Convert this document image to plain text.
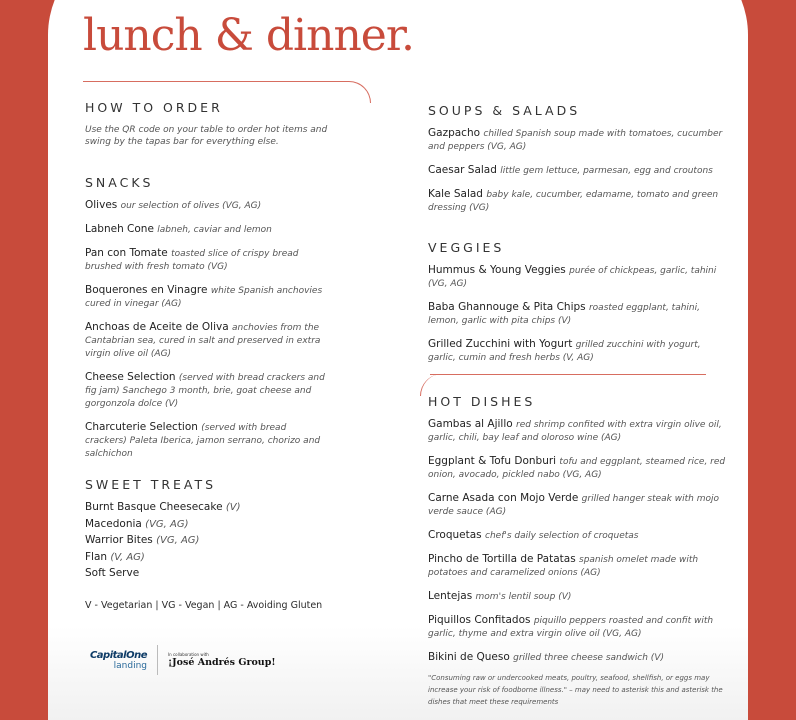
lunch & dinner.
HOW TO ORDER
Use the QR code on your table to order hot items and swing by the tapas bar for everything else.
SNACKS
Olives our selection of olives (VG, AG)
Labneh Cone labneh, caviar and lemon
Pan con Tomate toasted slice of crispy bread brushed with fresh tomato (VG)
Boquerones en Vinagre white Spanish anchovies cured in vinegar (AG)
Anchoas de Aceite de Oliva anchovies from the Cantabrian sea, cured in salt and preserved in extra virgin olive oil (AG)
Cheese Selection (served with bread crackers and fig jam) Sanchego 3 month, brie, goat cheese and gorgonzola dolce (V)
Charcuterie Selection (served with bread crackers) Paleta Iberica, jamon serrano, chorizo and salchichon
SWEET TREATS
Burnt Basque Cheesecake (V)
Macedonia (VG, AG)
Warrior Bites (VG, AG)
Flan (V, AG)
Soft Serve
V - Vegetarian | VG - Vegan | AG - Avoiding Gluten
SOUPS & SALADS
Gazpacho chilled Spanish soup made with tomatoes, cucumber and peppers (VG, AG)
Caesar Salad little gem lettuce, parmesan, egg and croutons
Kale Salad baby kale, cucumber, edamame, tomato and green dressing (VG)
VEGGIES
Hummus & Young Veggies purée of chickpeas, garlic, tahini (VG, AG)
Baba Ghannouge & Pita Chips roasted eggplant, tahini, lemon, garlic with pita chips (V)
Grilled Zucchini with Yogurt grilled zucchini with yogurt, garlic, cumin and fresh herbs (V, AG)
HOT DISHES
Gambas al Ajillo red shrimp confited with extra virgin olive oil, garlic, chili, bay leaf and oloroso wine (AG)
Eggplant & Tofu Donburi tofu and eggplant, steamed rice, red onion, avocado, pickled nabo (VG, AG)
Carne Asada con Mojo Verde grilled hanger steak with mojo verde sauce (AG)
Croquetas chef's daily selection of croquetas
Pincho de Tortilla de Patatas spanish omelet made with potatoes and caramelized onions (AG)
Lentejas mom's lentil soup (V)
Piquillos Confitados piquillo peppers roasted and confit with garlic, thyme and extra virgin olive oil (VG, AG)
Bikini de Queso grilled three cheese sandwich (V)
"Consuming raw or undercooked meats, poultry, seafood, shellfish, or eggs may increase your risk of foodborne illness." – may need to asterisk this and asterisk the dishes that meet these requirements
CapitalOne
landing
In collaboration with
¡José Andrés Group!
